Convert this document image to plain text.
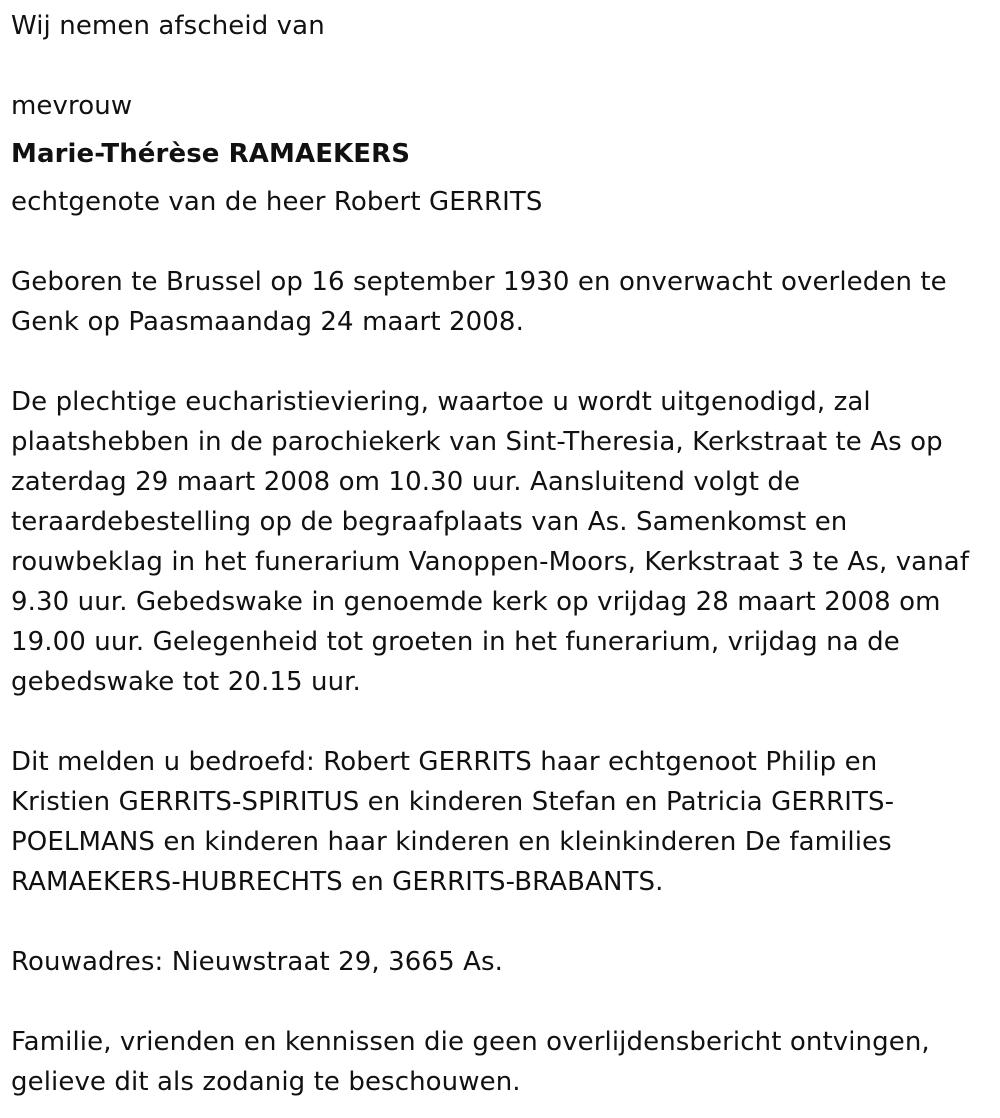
Wij nemen afscheid van

mevrouw

Marie-Thérèse RAMAEKERS

echtgenote van de heer Robert GERRITS

Geboren te Brussel op 16 september 1930 en onverwacht overleden te
Genk op Paasmaandag 24 maart 2008.
De plechtige eucharistieviering, waartoe u wordt uitgenodigd, zal
plaatshebben in de parochiekerk van Sint-Theresia, Kerkstraat te As op
zaterdag 29 maart 2008 om 10.30 uur. Aansluitend volgt de
teraardebestelling op de begraafplaats van As. Samenkomst en
rouwbeklag in het funerarium Vanoppen-Moors, Kerkstraat 3 te As, vanaf
9.30 uur. Gebedswake in genoemde kerk op vrijdag 28 maart 2008 om
19.00 uur. Gelegenheid tot groeten in het funerarium, vrijdag na de
gebedswake tot 20.15 uur.
Dit melden u bedroefd: Robert GERRITS haar echtgenoot Philip en
Kristien GERRITS-SPIRITUS en kinderen Stefan en Patricia GERRITS-
POELMANS en kinderen haar kinderen en kleinkinderen De families
RAMAEKERS-HUBRECHTS en GERRITS-BRABANTS.

Rouwadres: Nieuwstraat 29, 3665 As.

Familie, vrienden en kennissen die geen overlijdensbericht ontvingen,
gelieve dit als zodanig te beschouwen.
